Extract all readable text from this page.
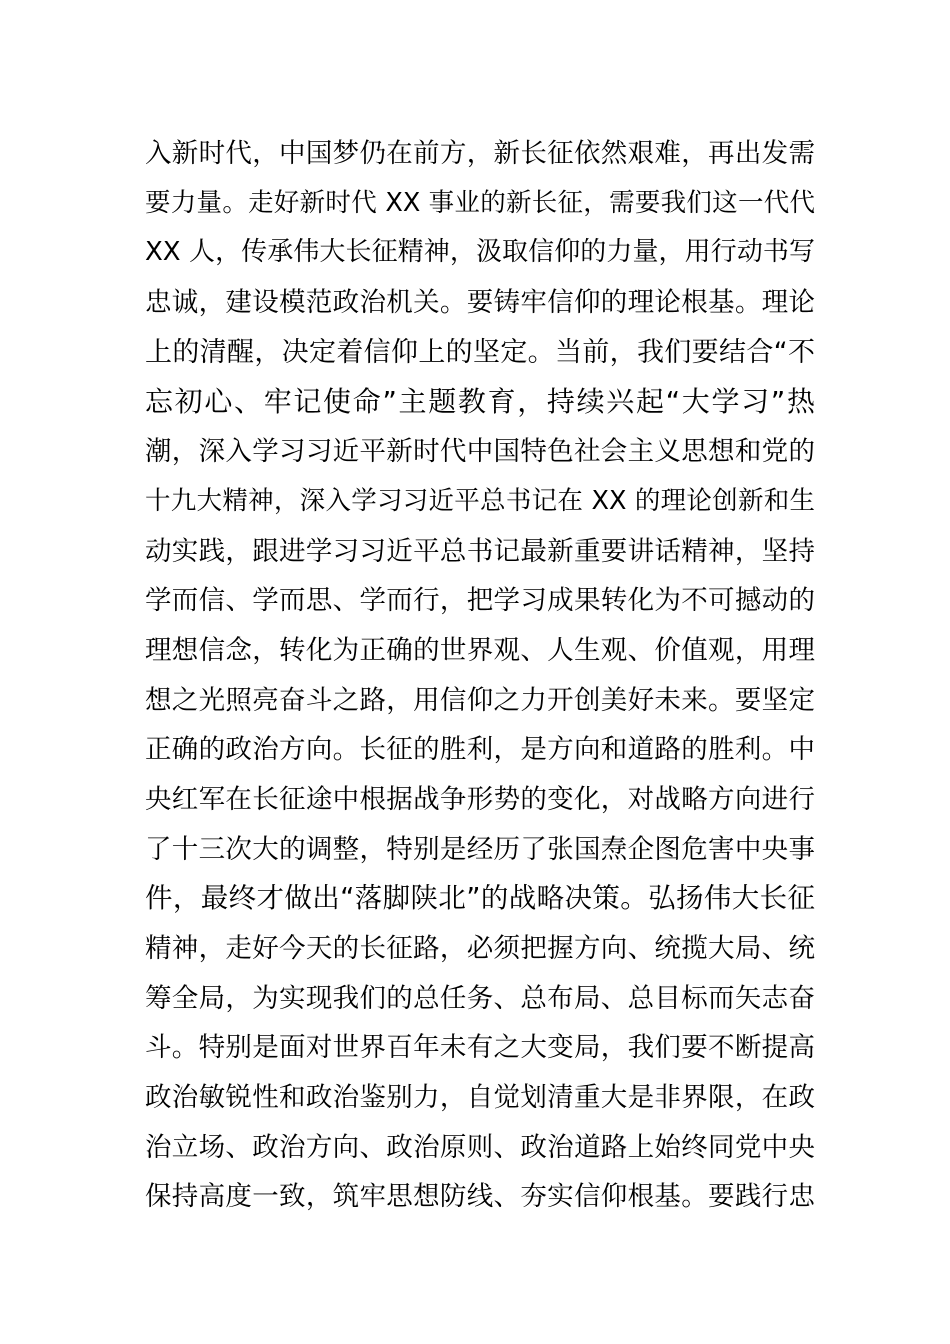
入新时代，中国梦仍在前方，新长征依然艰难，再出发需
要力量。走好新时代 XX 事业的新长征，需要我们这一代代
XX 人，传承伟大长征精神，汲取信仰的力量，用行动书写
忠诚，建设模范政治机关。要铸牢信仰的理论根基。理论
上的清醒，决定着信仰上的坚定。当前，我们要结合“不
忘初心、牢记使命”主题教育，持续兴起“大学习”热
潮，深入学习习近平新时代中国特色社会主义思想和党的
十九大精神，深入学习习近平总书记在 XX 的理论创新和生
动实践，跟进学习习近平总书记最新重要讲话精神，坚持
学而信、学而思、学而行，把学习成果转化为不可撼动的
理想信念，转化为正确的世界观、人生观、价值观，用理
想之光照亮奋斗之路，用信仰之力开创美好未来。要坚定
正确的政治方向。长征的胜利，是方向和道路的胜利。中
央红军在长征途中根据战争形势的变化，对战略方向进行
了十三次大的调整，特别是经历了张国焘企图危害中央事
件，最终才做出“落脚陕北”的战略决策。弘扬伟大长征
精神，走好今天的长征路，必须把握方向、统揽大局、统
筹全局，为实现我们的总任务、总布局、总目标而矢志奋
斗。特别是面对世界百年未有之大变局，我们要不断提高
政治敏锐性和政治鉴别力，自觉划清重大是非界限，在政
治立场、政治方向、政治原则、政治道路上始终同党中央
保持高度一致，筑牢思想防线、夯实信仰根基。要践行忠
